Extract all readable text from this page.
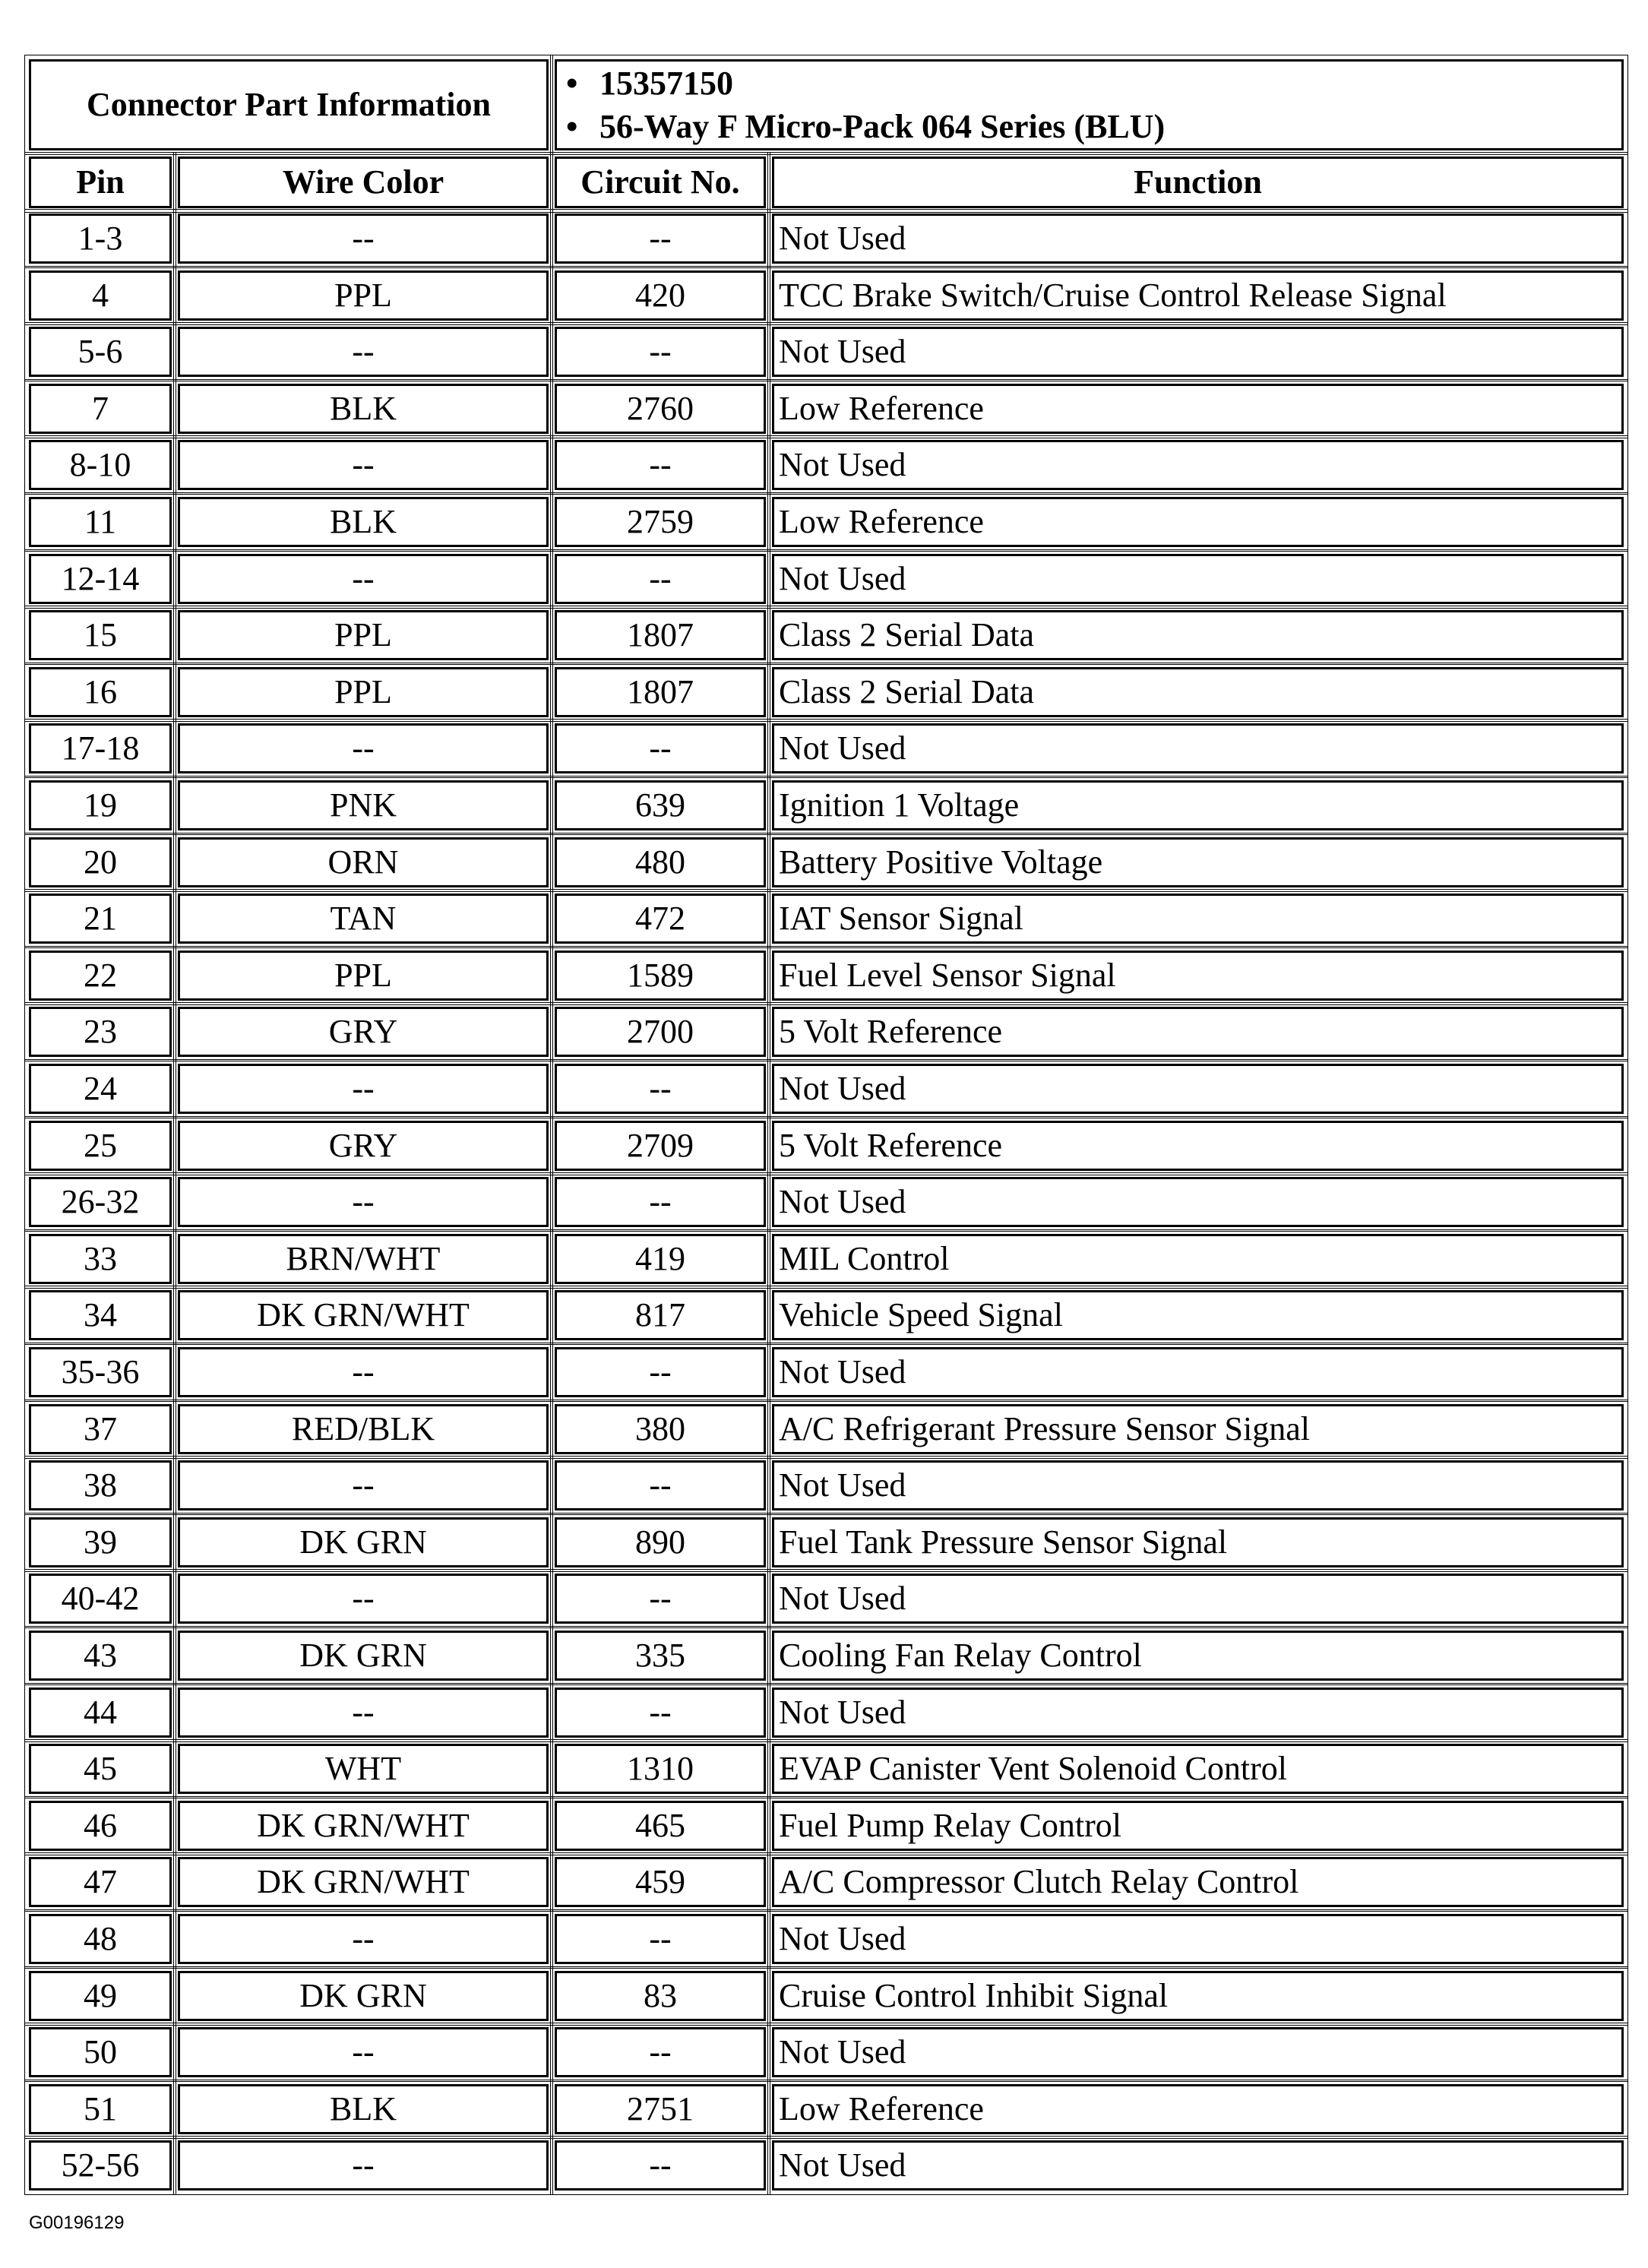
Connector Part Information
• 15357150
• 56-Way F Micro-Pack 064 Series (BLU)
Pin	Wire Color	Circuit No.	Function
1-3	--	--	Not Used
4	PPL	420	TCC Brake Switch/Cruise Control Release Signal
5-6	--	--	Not Used
7	BLK	2760	Low Reference
8-10	--	--	Not Used
11	BLK	2759	Low Reference
12-14	--	--	Not Used
15	PPL	1807	Class 2 Serial Data
16	PPL	1807	Class 2 Serial Data
17-18	--	--	Not Used
19	PNK	639	Ignition 1 Voltage
20	ORN	480	Battery Positive Voltage
21	TAN	472	IAT Sensor Signal
22	PPL	1589	Fuel Level Sensor Signal
23	GRY	2700	5 Volt Reference
24	--	--	Not Used
25	GRY	2709	5 Volt Reference
26-32	--	--	Not Used
33	BRN/WHT	419	MIL Control
34	DK GRN/WHT	817	Vehicle Speed Signal
35-36	--	--	Not Used
37	RED/BLK	380	A/C Refrigerant Pressure Sensor Signal
38	--	--	Not Used
39	DK GRN	890	Fuel Tank Pressure Sensor Signal
40-42	--	--	Not Used
43	DK GRN	335	Cooling Fan Relay Control
44	--	--	Not Used
45	WHT	1310	EVAP Canister Vent Solenoid Control
46	DK GRN/WHT	465	Fuel Pump Relay Control
47	DK GRN/WHT	459	A/C Compressor Clutch Relay Control
48	--	--	Not Used
49	DK GRN	83	Cruise Control Inhibit Signal
50	--	--	Not Used
51	BLK	2751	Low Reference
52-56	--	--	Not Used
G00196129
